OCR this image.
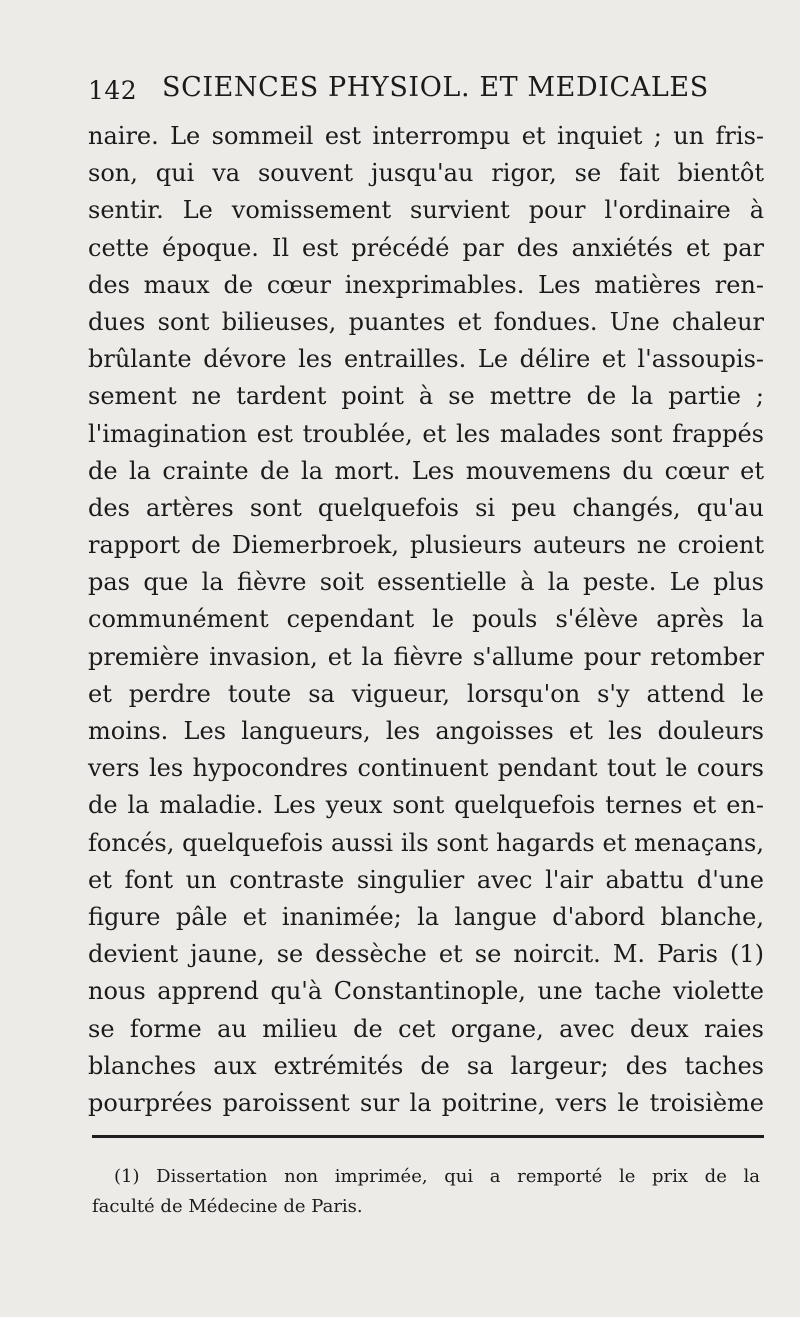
142 SCIENCES PHYSIOL. ET MEDICALES
naire. Le sommeil est interrompu et inquiet ; un fris-
son, qui va souvent jusqu'au rigor, se fait bientôt
sentir. Le vomissement survient pour l'ordinaire à
cette époque. Il est précédé par des anxiétés et par
des maux de cœur inexprimables. Les matières ren-
dues sont bilieuses, puantes et fondues. Une chaleur
brûlante dévore les entrailles. Le délire et l'assoupis-
sement ne tardent point à se mettre de la partie ;
l'imagination est troublée, et les malades sont frappés
de la crainte de la mort. Les mouvemens du cœur et
des artères sont quelquefois si peu changés, qu'au
rapport de Diemerbroek, plusieurs auteurs ne croient
pas que la fièvre soit essentielle à la peste. Le plus
communément cependant le pouls s'élève après la
première invasion, et la fièvre s'allume pour retomber
et perdre toute sa vigueur, lorsqu'on s'y attend le
moins. Les langueurs, les angoisses et les douleurs
vers les hypocondres continuent pendant tout le cours
de la maladie. Les yeux sont quelquefois ternes et en-
foncés, quelquefois aussi ils sont hagards et menaçans,
et font un contraste singulier avec l'air abattu d'une
figure pâle et inanimée; la langue d'abord blanche,
devient jaune, se dessèche et se noircit. M. Paris (1)
nous apprend qu'à Constantinople, une tache violette
se forme au milieu de cet organe, avec deux raies
blanches aux extrémités de sa largeur; des taches
pourprées paroissent sur la poitrine, vers le troisième
(1) Dissertation non imprimée, qui a remporté le prix de la
faculté de Médecine de Paris.
